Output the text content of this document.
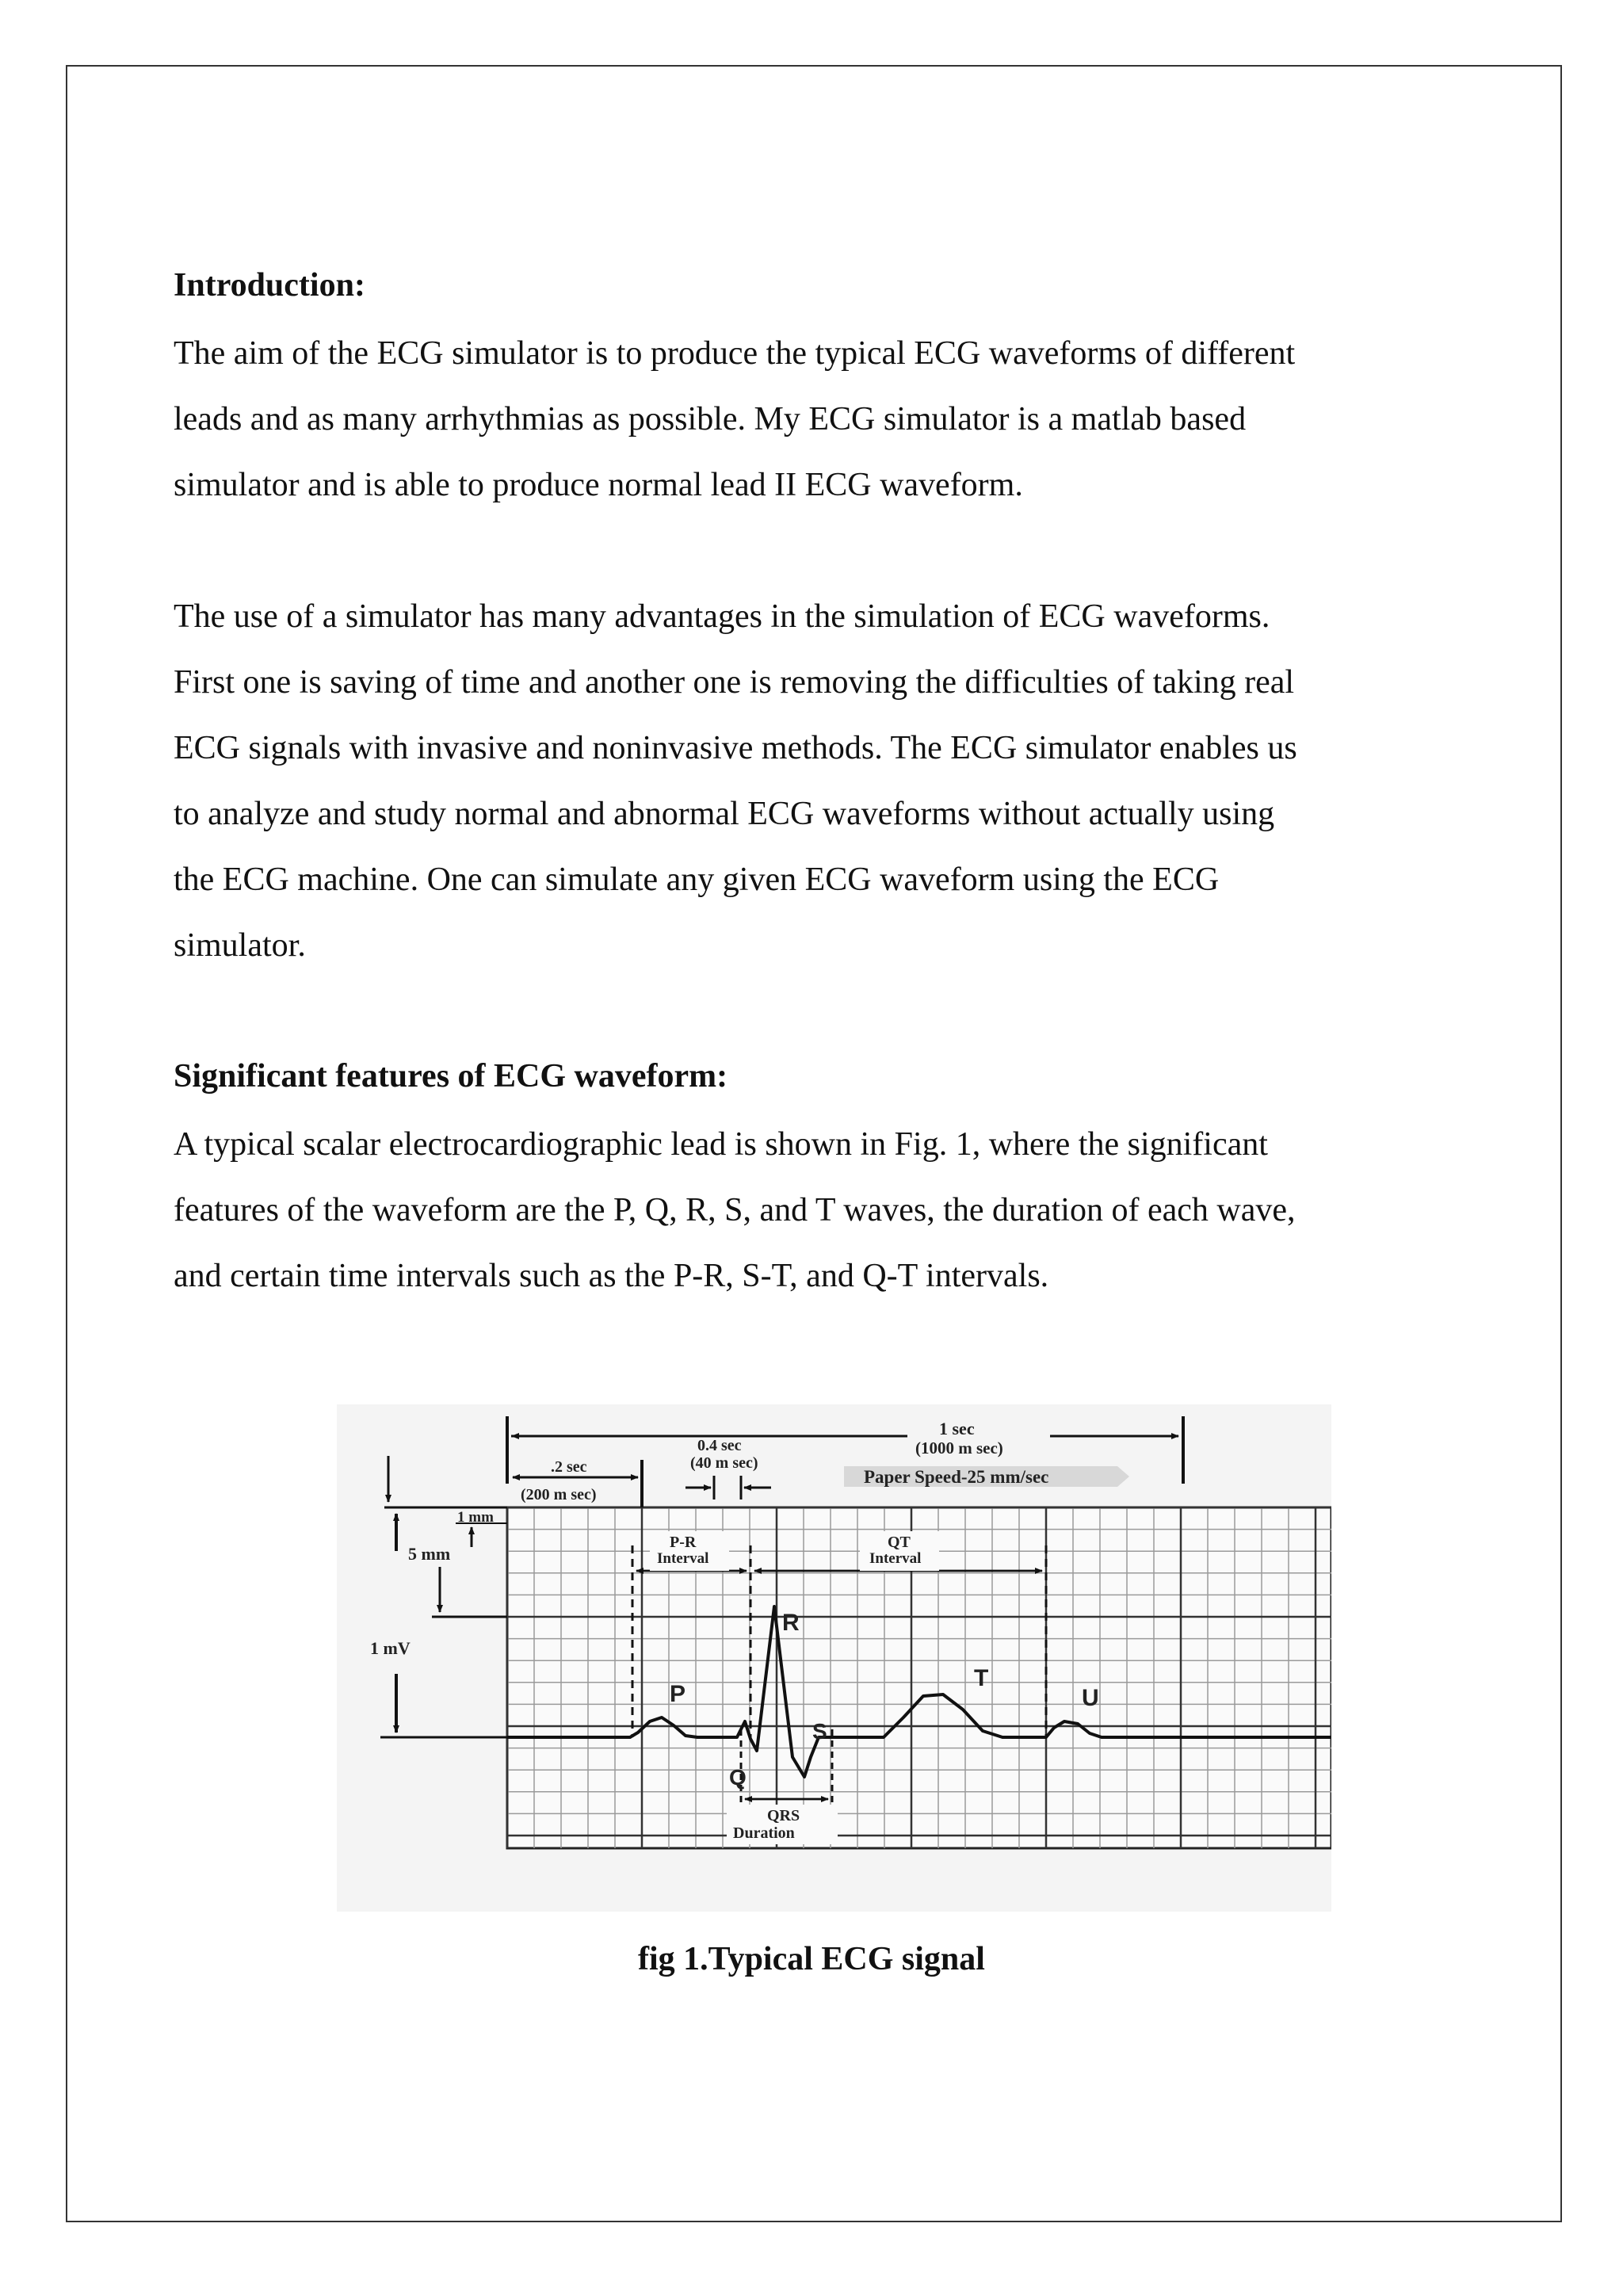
Introduction:

The aim of the ECG simulator is to produce the typical ECG waveforms of different
leads and as many arrhythmias as possible. My ECG simulator is a matlab based
simulator and is able to produce normal lead II ECG waveform.

The use of a simulator has many advantages in the simulation of ECG waveforms.
First one is saving of time and another one is removing the difficulties of taking real
ECG signals with invasive and noninvasive methods. The ECG simulator enables us
to analyze and study normal and abnormal ECG waveforms without actually using
the ECG machine. One can simulate any given ECG waveform using the ECG
simulator.

Significant features of ECG waveform:

A typical scalar electrocardiographic lead is shown in Fig. 1, where the significant
features of the waveform are the P, Q, R, S, and T waves, the duration of each wave,
and certain time intervals such as the P-R, S-T, and Q-T intervals.

1 sec
(1000 m sec)
Paper Speed-25 mm/sec
.2 sec
(200 m sec)
0.4 sec
(40 m sec)
1 mm
5 mm
1 mV
P-R
Interval
QT
Interval
QRS
Duration
P
Q
R
S
T
U
fig 1.Typical ECG signal
